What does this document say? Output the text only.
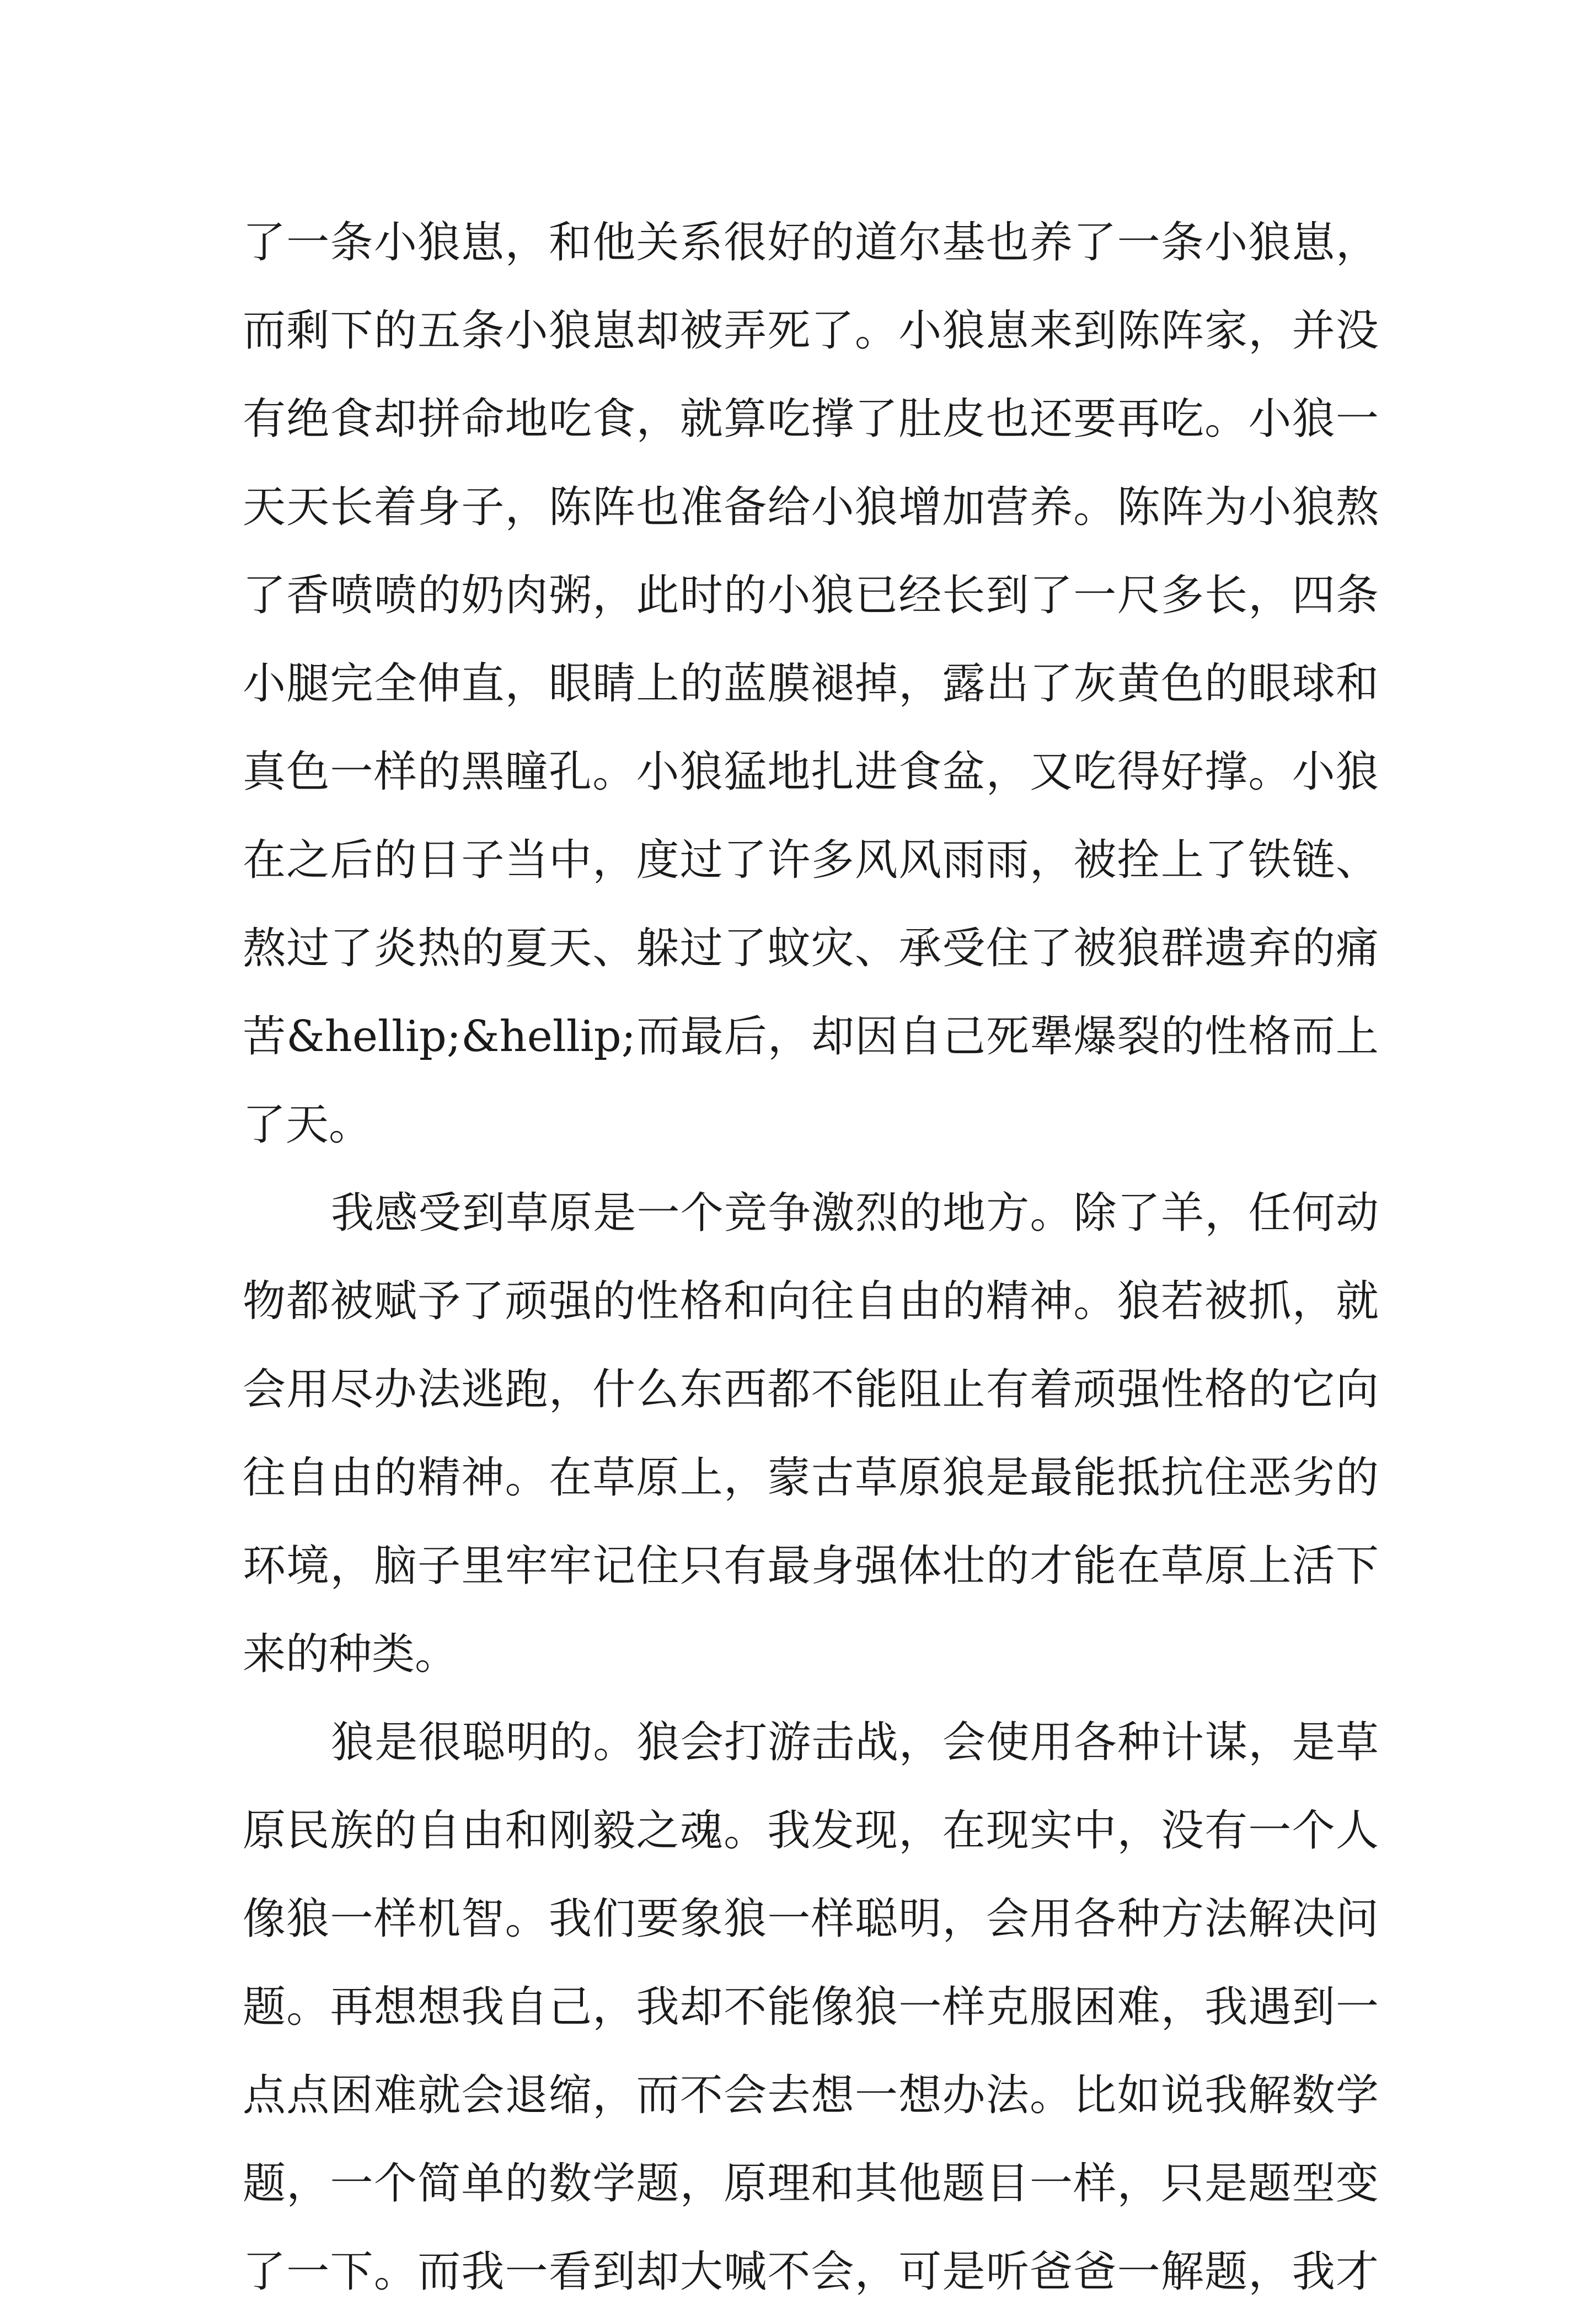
了一条小狼崽，和他关系很好的道尔基也养了一条小狼崽，
而剩下的五条小狼崽却被弄死了。小狼崽来到陈阵家，并没
有绝食却拼命地吃食，就算吃撑了肚皮也还要再吃。小狼一
天天长着身子，陈阵也准备给小狼增加营养。陈阵为小狼熬
了香喷喷的奶肉粥，此时的小狼已经长到了一尺多长，四条
小腿完全伸直，眼睛上的蓝膜褪掉，露出了灰黄色的眼球和
真色一样的黑瞳孔。小狼猛地扎进食盆，又吃得好撑。小狼
在之后的日子当中，度过了许多风风雨雨，被拴上了铁链、
熬过了炎热的夏天、躲过了蚊灾、承受住了被狼群遗弃的痛
苦&hellip;&hellip;而最后，却因自己死犟爆裂的性格而上
了天。
我感受到草原是一个竞争激烈的地方。除了羊，任何动
物都被赋予了顽强的性格和向往自由的精神。狼若被抓，就
会用尽办法逃跑，什么东西都不能阻止有着顽强性格的它向
往自由的精神。在草原上，蒙古草原狼是最能抵抗住恶劣的
环境，脑子里牢牢记住只有最身强体壮的才能在草原上活下
来的种类。
狼是很聪明的。狼会打游击战，会使用各种计谋，是草
原民族的自由和刚毅之魂。我发现，在现实中，没有一个人
像狼一样机智。我们要象狼一样聪明，会用各种方法解决问
题。再想想我自己，我却不能像狼一样克服困难，我遇到一
点点困难就会退缩，而不会去想一想办法。比如说我解数学
题，一个简单的数学题，原理和其他题目一样，只是题型变
了一下。而我一看到却大喊不会，可是听爸爸一解题，我才
